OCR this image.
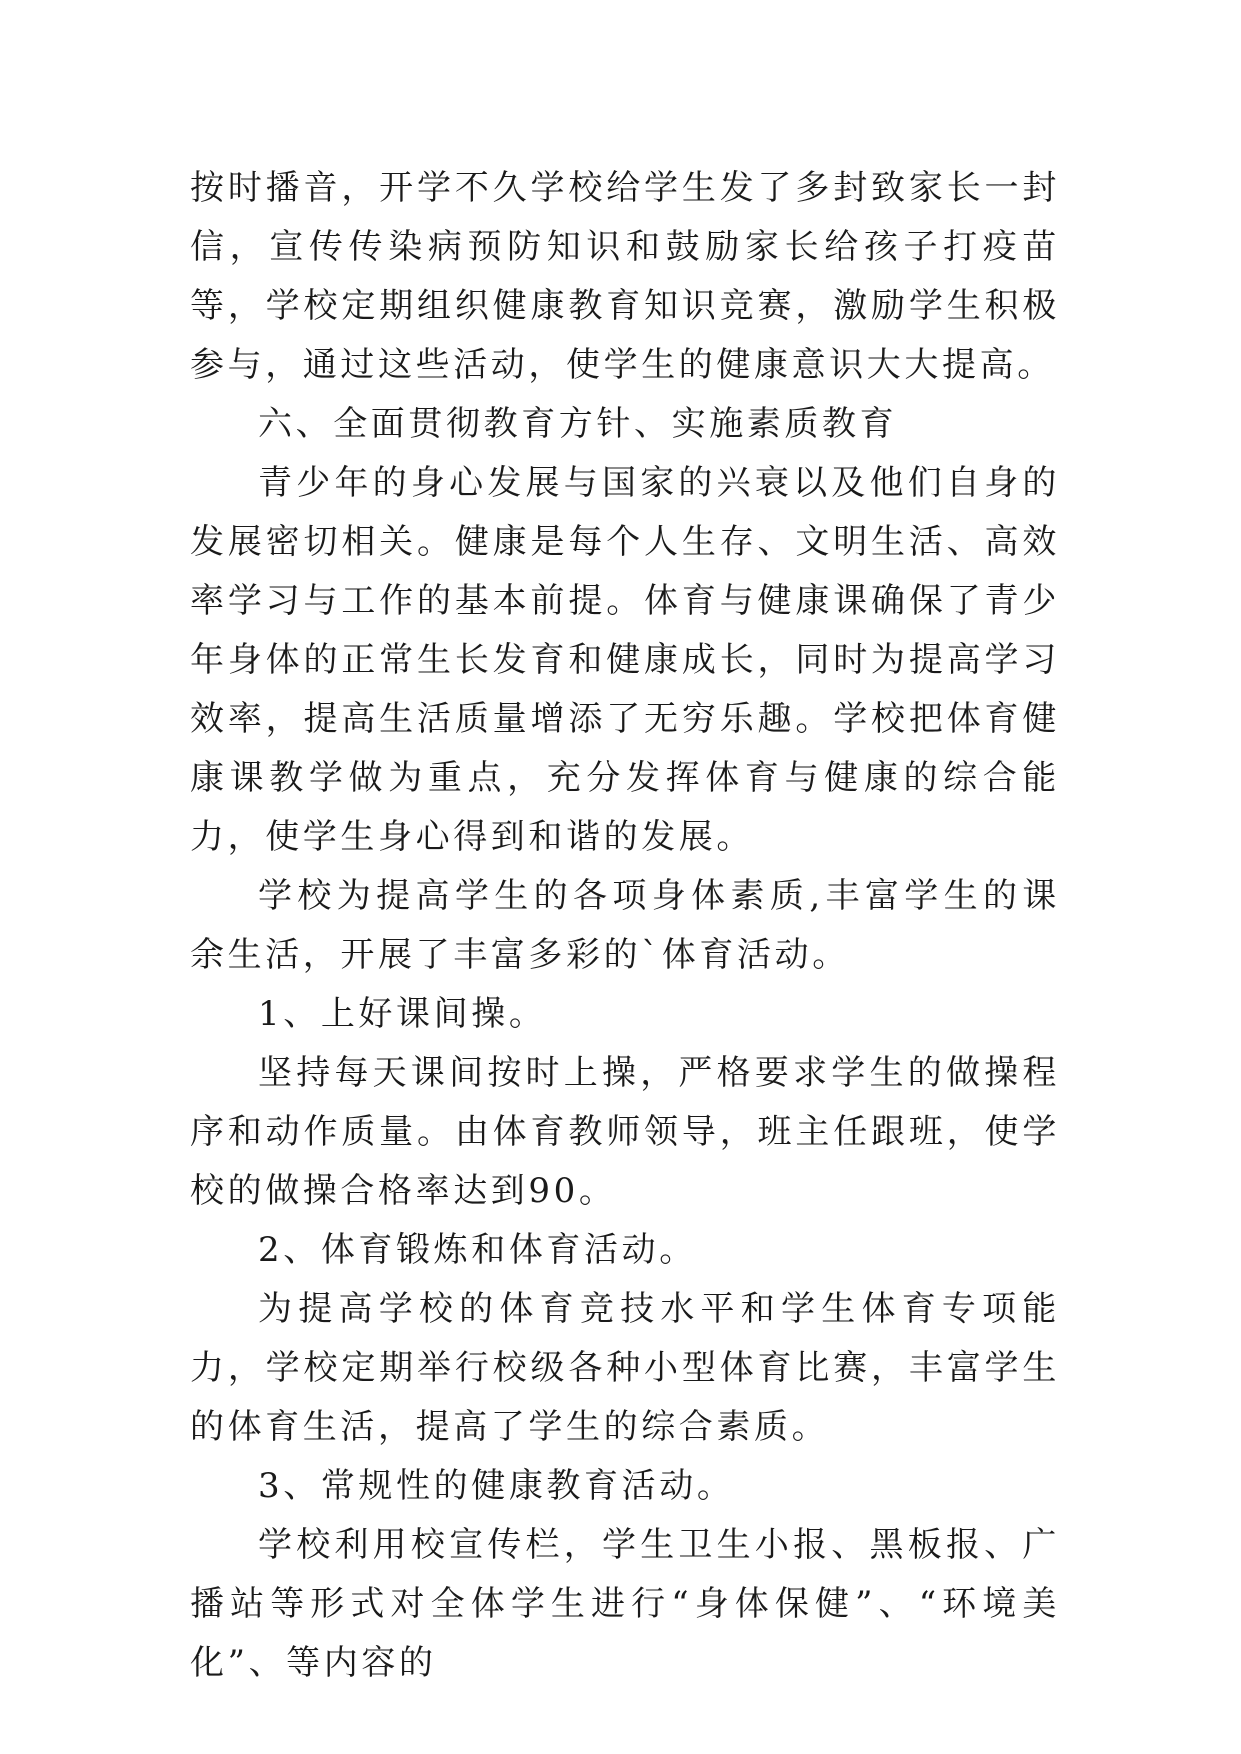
按时播音，开学不久学校给学生发了多封致家长一封信，宣传传染病预防知识和鼓励家长给孩子打疫苗等，学校定期组织健康教育知识竞赛，激励学生积极参与，通过这些活动，使学生的健康意识大大提高。

六、全面贯彻教育方针、实施素质教育

青少年的身心发展与国家的兴衰以及他们自身的发展密切相关。健康是每个人生存、文明生活、高效率学习与工作的基本前提。体育与健康课确保了青少年身体的正常生长发育和健康成长，同时为提高学习效率，提高生活质量增添了无穷乐趣。学校把体育健康课教学做为重点，充分发挥体育与健康的综合能力，使学生身心得到和谐的发展。

学校为提高学生的各项身体素质,丰富学生的课余生活，开展了丰富多彩的`体育活动。

1、上好课间操。

坚持每天课间按时上操，严格要求学生的做操程序和动作质量。由体育教师领导，班主任跟班，使学校的做操合格率达到90。

2、体育锻炼和体育活动。

为提高学校的体育竞技水平和学生体育专项能力，学校定期举行校级各种小型体育比赛，丰富学生的体育生活，提高了学生的综合素质。

3、常规性的健康教育活动。

学校利用校宣传栏，学生卫生小报、黑板报、广播站等形式对全体学生进行“身体保健”、“环境美化”、等内容的
